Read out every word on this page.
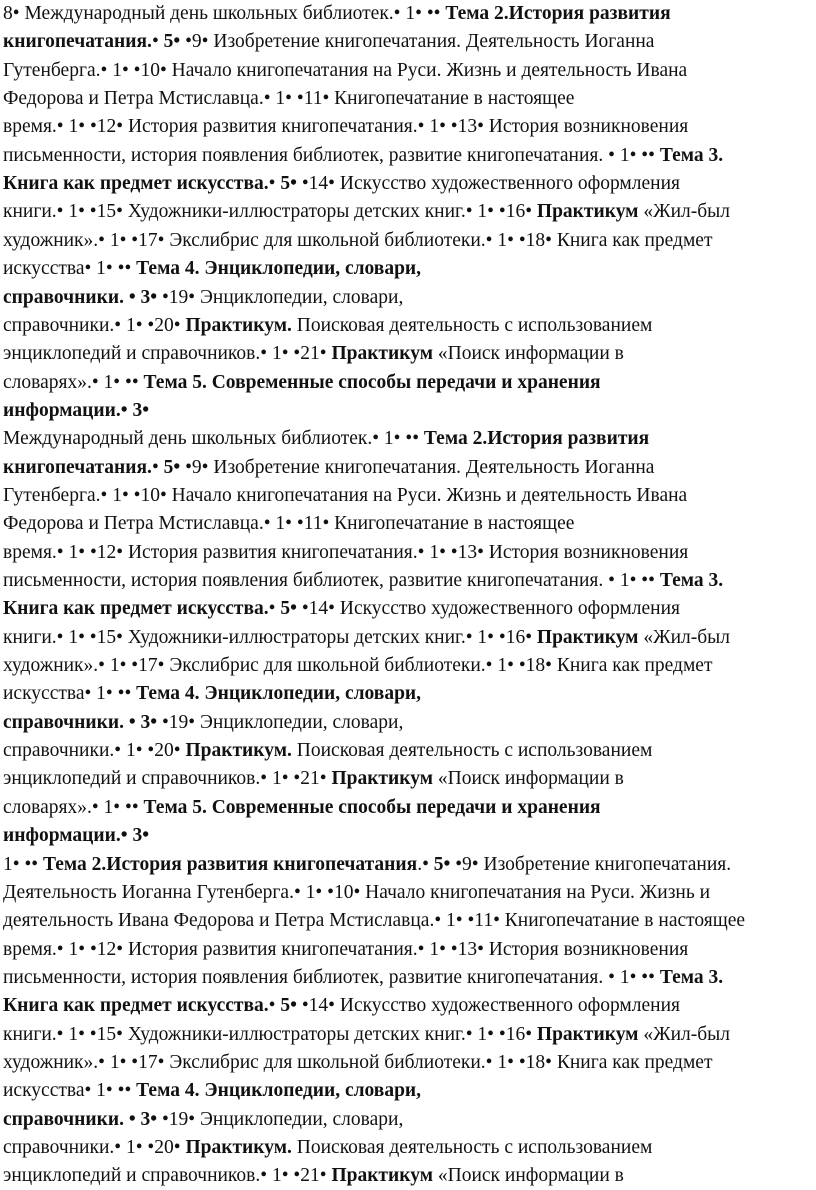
8• Международный день школьных библиотек.• 1• •• Тема 2.История развития
книгопечатания.• 5• •9• Изобретение книгопечатания. Деятельность Иоганна
Гутенберга.• 1• •10• Начало книгопечатания на Руси. Жизнь и деятельность Ивана
Федорова и Петра Мстиславца.• 1• •11• Книгопечатание в настоящее
время.• 1• •12• История развития книгопечатания.• 1• •13• История возникновения
письменности, история появления библиотек, развитие книгопечатания. • 1• •• Тема 3.
Книга как предмет искусства.• 5• •14• Искусство художественного оформления
книги.• 1• •15• Художники-иллюстраторы детских книг.• 1• •16• Практикум «Жил-был
художник».• 1• •17• Экслибрис для школьной библиотеки.• 1• •18• Книга как предмет
искусства• 1• •• Тема 4. Энциклопедии, словари,
справочники. • 3• •19• Энциклопедии, словари,
справочники.• 1• •20• Практикум. Поисковая деятельность с использованием
энциклопедий и справочников.• 1• •21• Практикум «Поиск информации в
словарях».• 1• •• Тема 5. Современные способы передачи и хранения
информации.• 3•
Международный день школьных библиотек.• 1• •• Тема 2.История развития
книгопечатания.• 5• •9• Изобретение книгопечатания. Деятельность Иоганна
Гутенберга.• 1• •10• Начало книгопечатания на Руси. Жизнь и деятельность Ивана
Федорова и Петра Мстиславца.• 1• •11• Книгопечатание в настоящее
время.• 1• •12• История развития книгопечатания.• 1• •13• История возникновения
письменности, история появления библиотек, развитие книгопечатания. • 1• •• Тема 3.
Книга как предмет искусства.• 5• •14• Искусство художественного оформления
книги.• 1• •15• Художники-иллюстраторы детских книг.• 1• •16• Практикум «Жил-был
художник».• 1• •17• Экслибрис для школьной библиотеки.• 1• •18• Книга как предмет
искусства• 1• •• Тема 4. Энциклопедии, словари,
справочники. • 3• •19• Энциклопедии, словари,
справочники.• 1• •20• Практикум. Поисковая деятельность с использованием
энциклопедий и справочников.• 1• •21• Практикум «Поиск информации в
словарях».• 1• •• Тема 5. Современные способы передачи и хранения
информации.• 3•
1• •• Тема 2.История развития книгопечатания.• 5• •9• Изобретение книгопечатания.
Деятельность Иоганна Гутенберга.• 1• •10• Начало книгопечатания на Руси. Жизнь и
деятельность Ивана Федорова и Петра Мстиславца.• 1• •11• Книгопечатание в настоящее
время.• 1• •12• История развития книгопечатания.• 1• •13• История возникновения
письменности, история появления библиотек, развитие книгопечатания. • 1• •• Тема 3.
Книга как предмет искусства.• 5• •14• Искусство художественного оформления
книги.• 1• •15• Художники-иллюстраторы детских книг.• 1• •16• Практикум «Жил-был
художник».• 1• •17• Экслибрис для школьной библиотеки.• 1• •18• Книга как предмет
искусства• 1• •• Тема 4. Энциклопедии, словари,
справочники. • 3• •19• Энциклопедии, словари,
справочники.• 1• •20• Практикум. Поисковая деятельность с использованием
энциклопедий и справочников.• 1• •21• Практикум «Поиск информации в
